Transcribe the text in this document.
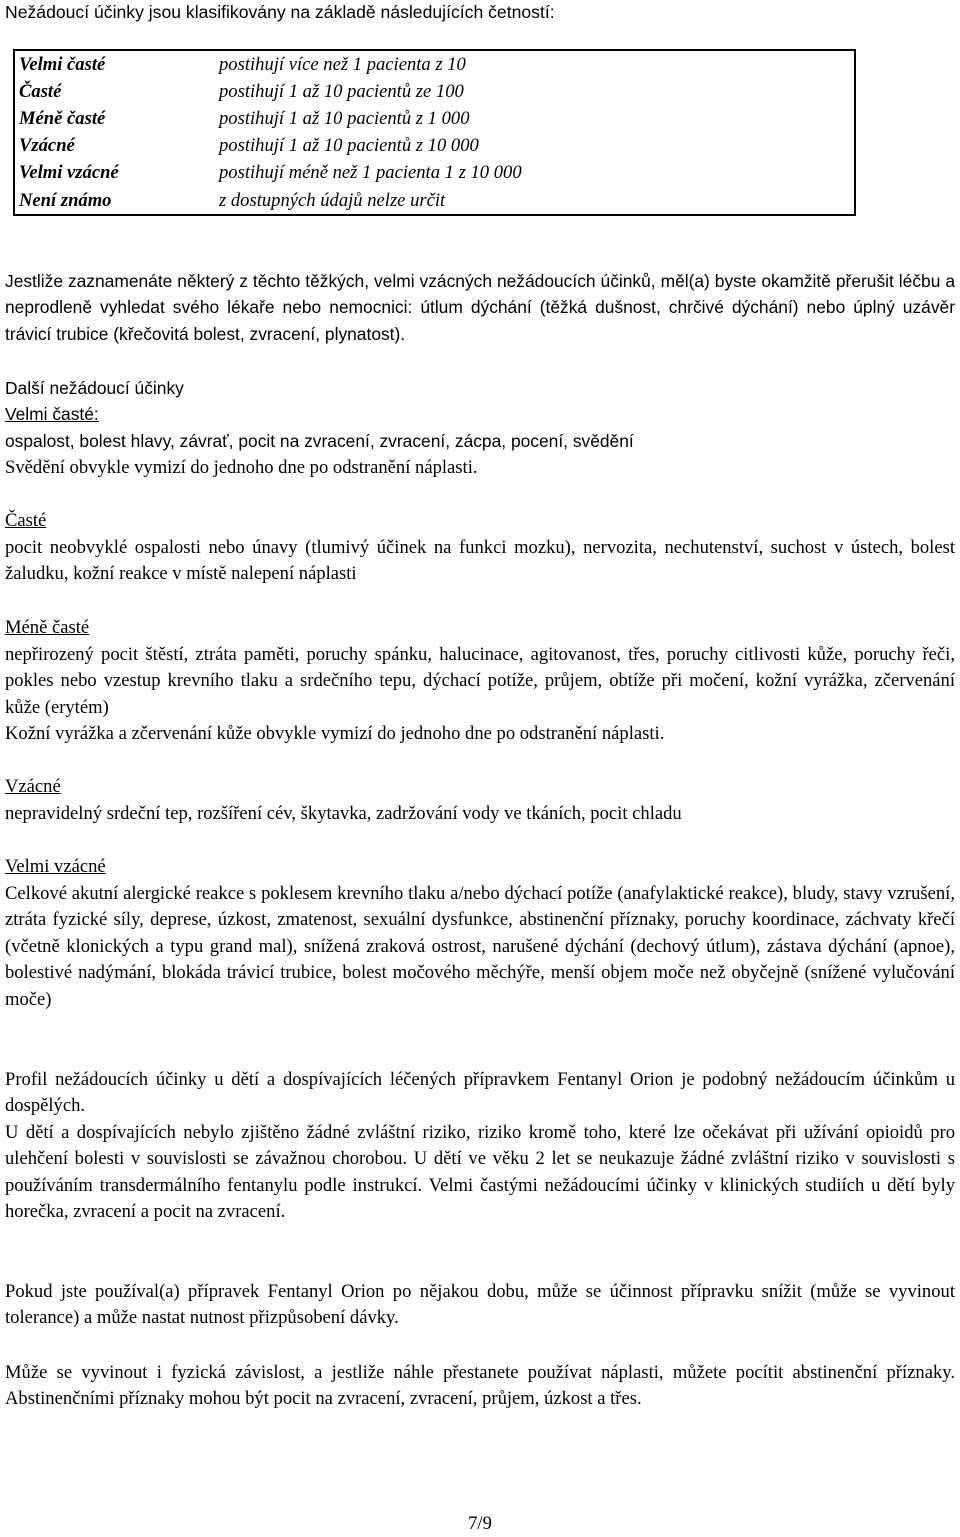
Nežádoucí účinky jsou klasifikovány na základě následujících četností:

Velmi časté	postihují více než 1 pacienta z 10
Časté	postihují 1 až 10 pacientů ze 100
Méně časté	postihují 1 až 10 pacientů z 1 000
Vzácné	postihují 1 až 10 pacientů z 10 000
Velmi vzácné	postihují méně než 1 pacienta 1 z 10 000
Není známo	z dostupných údajů nelze určit

Jestliže zaznamenáte některý z těchto těžkých, velmi vzácných nežádoucích účinků, měl(a) byste okamžitě přerušit léčbu a neprodleně vyhledat svého lékaře nebo nemocnici: útlum dýchání (těžká dušnost, chrčivé dýchání) nebo úplný uzávěr trávicí trubice (křečovitá bolest, zvracení, plynatost).

Další nežádoucí účinky
Velmi časté:

ospalost, bolest hlavy, závrať, pocit na zvracení, zvracení, zácpa, pocení, svědění
Svědění obvykle vymizí do jednoho dne po odstranění náplasti.

Časté

pocit neobvyklé ospalosti nebo únavy (tlumivý účinek na funkci mozku), nervozita, nechutenství, suchost v ústech, bolest žaludku, kožní reakce v místě nalepení náplasti

Méně časté

nepřirozený pocit štěstí, ztráta paměti, poruchy spánku, halucinace, agitovanost, třes, poruchy citlivosti kůže, poruchy řeči, pokles nebo vzestup krevního tlaku a srdečního tepu, dýchací potíže, průjem, obtíže při močení, kožní vyrážka, zčervenání kůže (erytém)

Kožní vyrážka a zčervenání kůže obvykle vymizí do jednoho dne po odstranění náplasti.

Vzácné

nepravidelný srdeční tep, rozšíření cév, škytavka, zadržování vody ve tkáních, pocit chladu

Velmi vzácné

Celkové akutní alergické reakce s poklesem krevního tlaku a/nebo dýchací potíže (anafylaktické reakce), bludy, stavy vzrušení, ztráta fyzické síly, deprese, úzkost, zmatenost, sexuální dysfunkce, abstinenční příznaky, poruchy koordinace, záchvaty křečí (včetně klonických a typu grand mal), snížená zraková ostrost, narušené dýchání (dechový útlum), zástava dýchání (apnoe), bolestivé nadýmání, blokáda trávicí trubice, bolest močového měchýře, menší objem moče než obyčejně (snížené vylučování moče)

Profil nežádoucích účinky u dětí a dospívajících léčených přípravkem Fentanyl Orion je podobný nežádoucím účinkům u dospělých.

U dětí a dospívajících nebylo zjištěno žádné zvláštní riziko, riziko kromě toho, které lze očekávat při užívání opioidů pro ulehčení bolesti v souvislosti se závažnou chorobou. U dětí ve věku 2 let se neukazuje žádné zvláštní riziko v souvislosti s používáním transdermálního fentanylu podle instrukcí. Velmi častými nežádoucími účinky v klinických studiích u dětí byly horečka, zvracení a pocit na zvracení.

Pokud jste používal(a) přípravek Fentanyl Orion po nějakou dobu, může se účinnost přípravku snížit (může se vyvinout tolerance) a může nastat nutnost přizpůsobení dávky.

Může se vyvinout i fyzická závislost, a jestliže náhle přestanete používat náplasti, můžete pocítit abstinenční příznaky. Abstinenčními příznaky mohou být pocit na zvracení, zvracení, průjem, úzkost a třes.

7/9
